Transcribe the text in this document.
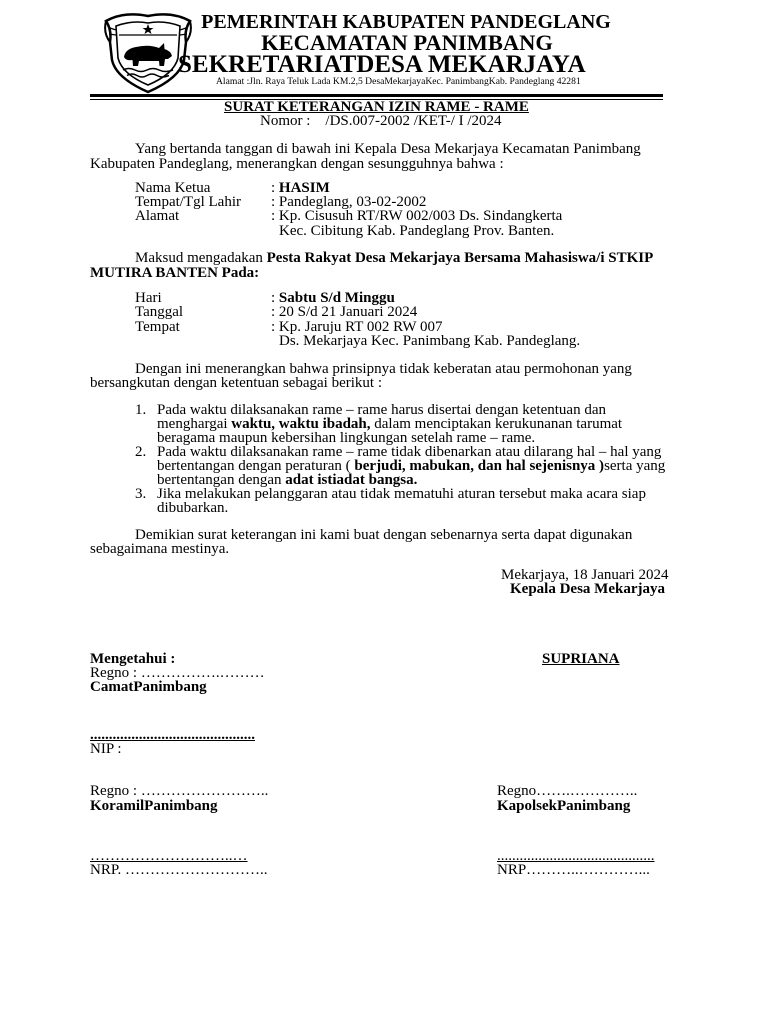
PEMERINTAH KABUPATEN PANDEGLANG
KECAMATAN PANIMBANG
SEKRETARIATDESA MEKARJAYA
Alamat :Jln. Raya Teluk Lada KM.2,5 DesaMekarjayaKec. PanimbangKab. Pandeglang 42281
SURAT KETERANGAN IZIN RAME - RAME
Nomor :    /DS.007-2002 /KET-/ I /2024
Yang bertanda tanggan di bawah ini Kepala Desa Mekarjaya Kecamatan Panimbang
Kabupaten Pandeglang, menerangkan dengan sesungguhnya bahwa :
Nama Ketua	: HASIM
Tempat/Tgl Lahir : Pandeglang, 03-02-2002
Alamat	: Kp. Cisusuh RT/RW 002/003 Ds. Sindangkerta
Kec. Cibitung Kab. Pandeglang Prov. Banten.
Maksud mengadakan Pesta Rakyat Desa Mekarjaya Bersama Mahasiswa/i STKIP
MUTIRA BANTEN Pada:
Hari	: Sabtu S/d Minggu
Tanggal	: 20 S/d 21 Januari 2024
Tempat	: Kp. Jaruju RT 002 RW 007
Ds. Mekarjaya Kec. Panimbang Kab. Pandeglang.
Dengan ini menerangkan bahwa prinsipnya tidak keberatan atau permohonan yang
bersangkutan dengan ketentuan sebagai berikut :
1. Pada waktu dilaksanakan rame – rame harus disertai dengan ketentuan dan
menghargai waktu, waktu ibadah, dalam menciptakan kerukunanan tarumat
beragama maupun kebersihan lingkungan setelah rame – rame.
2. Pada waktu dilaksanakan rame – rame tidak dibenarkan atau dilarang hal – hal yang
bertentangan dengan peraturan ( berjudi, mabukan, dan hal sejenisnya )serta yang
bertentangan dengan adat istiadat bangsa.
3. Jika melakukan pelanggaran atau tidak mematuhi aturan tersebut maka acara siap
dibubarkan.
Demikian surat keterangan ini kami buat dengan sebenarnya serta dapat digunakan
sebagaimana mestinya.
Mekarjaya, 18 Januari 2024
Kepala Desa Mekarjaya
SUPRIANA
Mengetahui :
Regno : …………….………
CamatPanimbang
............................................
NIP :
Regno : ……………………..
KoramilPanimbang
………………………..…
NRP. ………………………..
Regno…….…………..
KapolsekPanimbang
..........................................
NRP………..…………...
